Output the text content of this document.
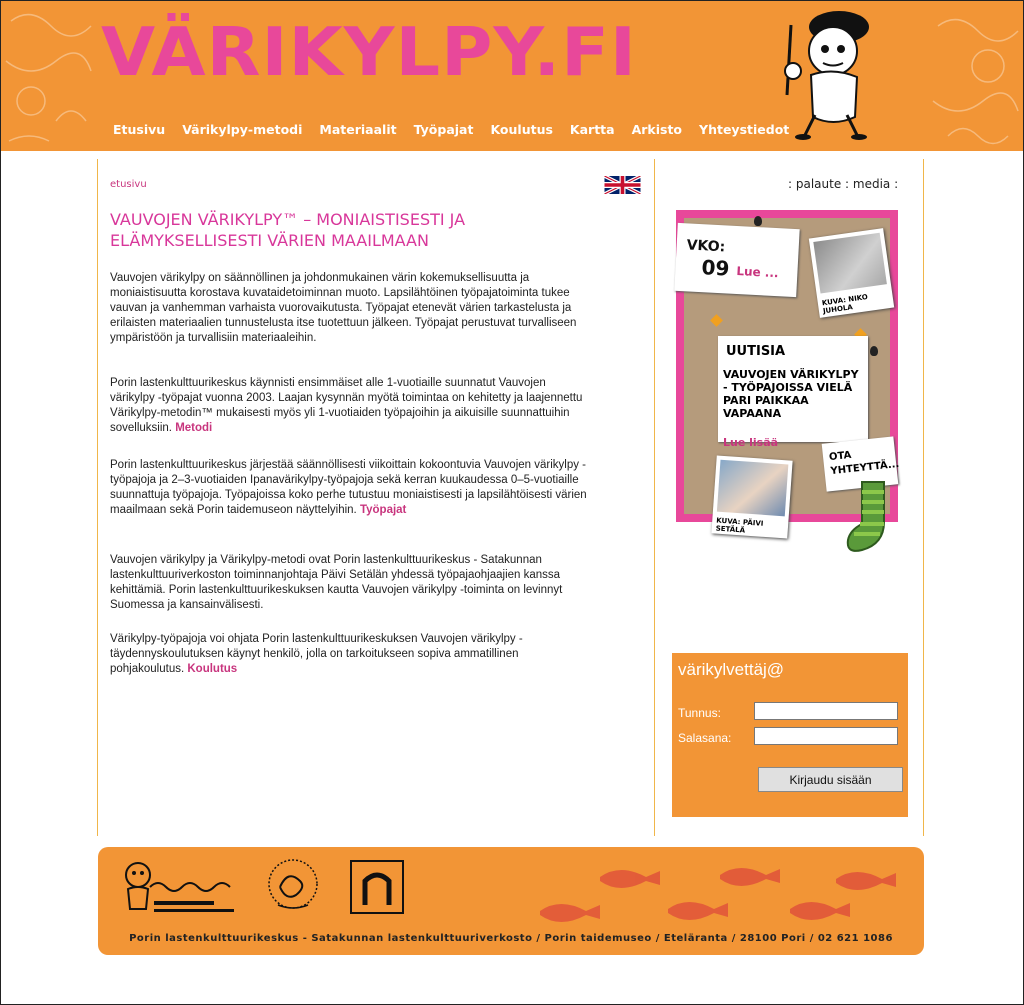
VÄRIKYLPY.FI
Etusivu Värikylpy-metodi Materiaalit Työpajat Koulutus Kartta Arkisto Yhteystiedot
etusivu
VAUVOJEN VÄRIKYLPY™ – MONIAISTISESTI JA ELÄMYKSELLISESTI VÄRIEN MAAILMAAN

Vauvojen värikylpy on säännöllinen ja johdonmukainen värin kokemuksellisuutta ja moniaistisuutta korostava kuvataidetoiminnan muoto. Lapsilähtöinen työpajatoiminta tukee vauvan ja vanhemman varhaista vuorovaikutusta. Työpajat etenevät värien tarkastelusta ja erilaisten materiaalien tunnustelusta itse tuotettuun jälkeen. Työpajat perustuvat turvalliseen ympäristöön ja turvallisiin materiaaleihin.

Porin lastenkulttuurikeskus käynnisti ensimmäiset alle 1-vuotiaille suunnatut Vauvojen värikylpy -työpajat vuonna 2003. Laajan kysynnän myötä toimintaa on kehitetty ja laajennettu Värikylpy-metodin™ mukaisesti myös yli 1-vuotiaiden työpajoihin ja aikuisille suunnattuihin sovelluksiin. Metodi

Porin lastenkulttuurikeskus järjestää säännöllisesti viikoittain kokoontuvia Vauvojen värikylpy -työpajoja ja 2–3-vuotiaiden Ipanavärikylpy-työpajoja sekä kerran kuukaudessa 0–5-vuotiaille suunnattuja työpajoja. Työpajoissa koko perhe tutustuu moniaistisesti ja lapsilähtöisesti värien maailmaan sekä Porin taidemuseon näyttelyihin. Työpajat

Vauvojen värikylpy ja Värikylpy-metodi ovat Porin lastenkulttuurikeskus - Satakunnan lastenkulttuuriverkoston toiminnanjohtaja Päivi Setälän yhdessä työpajaohjaajien kanssa kehittämiä. Porin lastenkulttuurikeskuksen kautta Vauvojen värikylpy -toiminta on levinnyt Suomessa ja kansainvälisesti.

Värikylpy-työpajoja voi ohjata Porin lastenkulttuurikeskuksen Vauvojen värikylpy -täydennyskoulutuksen käynyt henkilö, jolla on tarkoitukseen sopiva ammatillinen pohjakoulutus. Koulutus

: palaute : media :
VKO:
09 Lue ...
KUVA: NIKO JUHOLA
UUTISIA
VAUVOJEN VÄRIKYLPY - TYÖPAJOISSA VIELÄ PARI PAIKKAA VAPAANA
Lue lisää
OTA YHTEYTTÄ...
KUVA: PÄIVI SETÄLÄ
värikylvettäj@
Tunnus:
Salasana:
Kirjaudu sisään
Porin lastenkulttuurikeskus - Satakunnan lastenkulttuuriverkosto / Porin taidemuseo / Eteläranta / 28100 Pori / 02 621 1086
